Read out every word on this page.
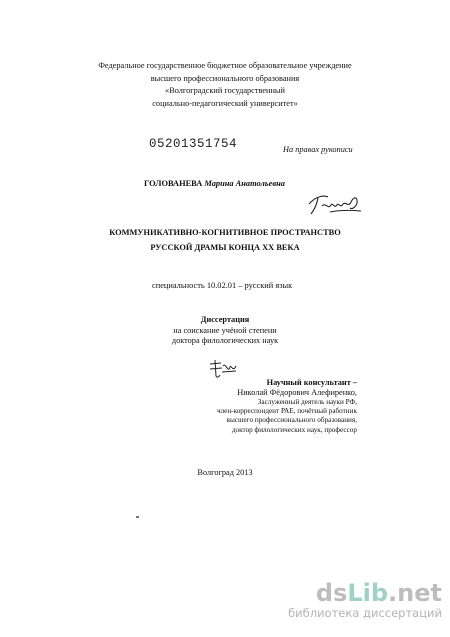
Федеральное государственное бюджетное образовательное учреждение
высшего профессионального образования
«Волгоградский государственный
социально-педагогический университет»
05201351754	На правах рукописи
ГОЛОВАНЕВА Марина Анатольевна
КОММУНИКАТИВНО-КОГНИТИВНОЕ ПРОСТРАНСТВО
РУССКОЙ ДРАМЫ КОНЦА XX ВЕКА
специальность 10.02.01 – русский язык
Диссертация
на соискание учёной степени
доктора филологических наук
Научный консультант –
Николай Фёдорович Алефиренко,
Заслуженный деятель науки РФ,
член-корреспондент РАЕ, почётный работник
высшего профессионального образования,
доктор филологических наук, профессор
Волгоград 2013
dsLib.net
библиотека диссертаций
